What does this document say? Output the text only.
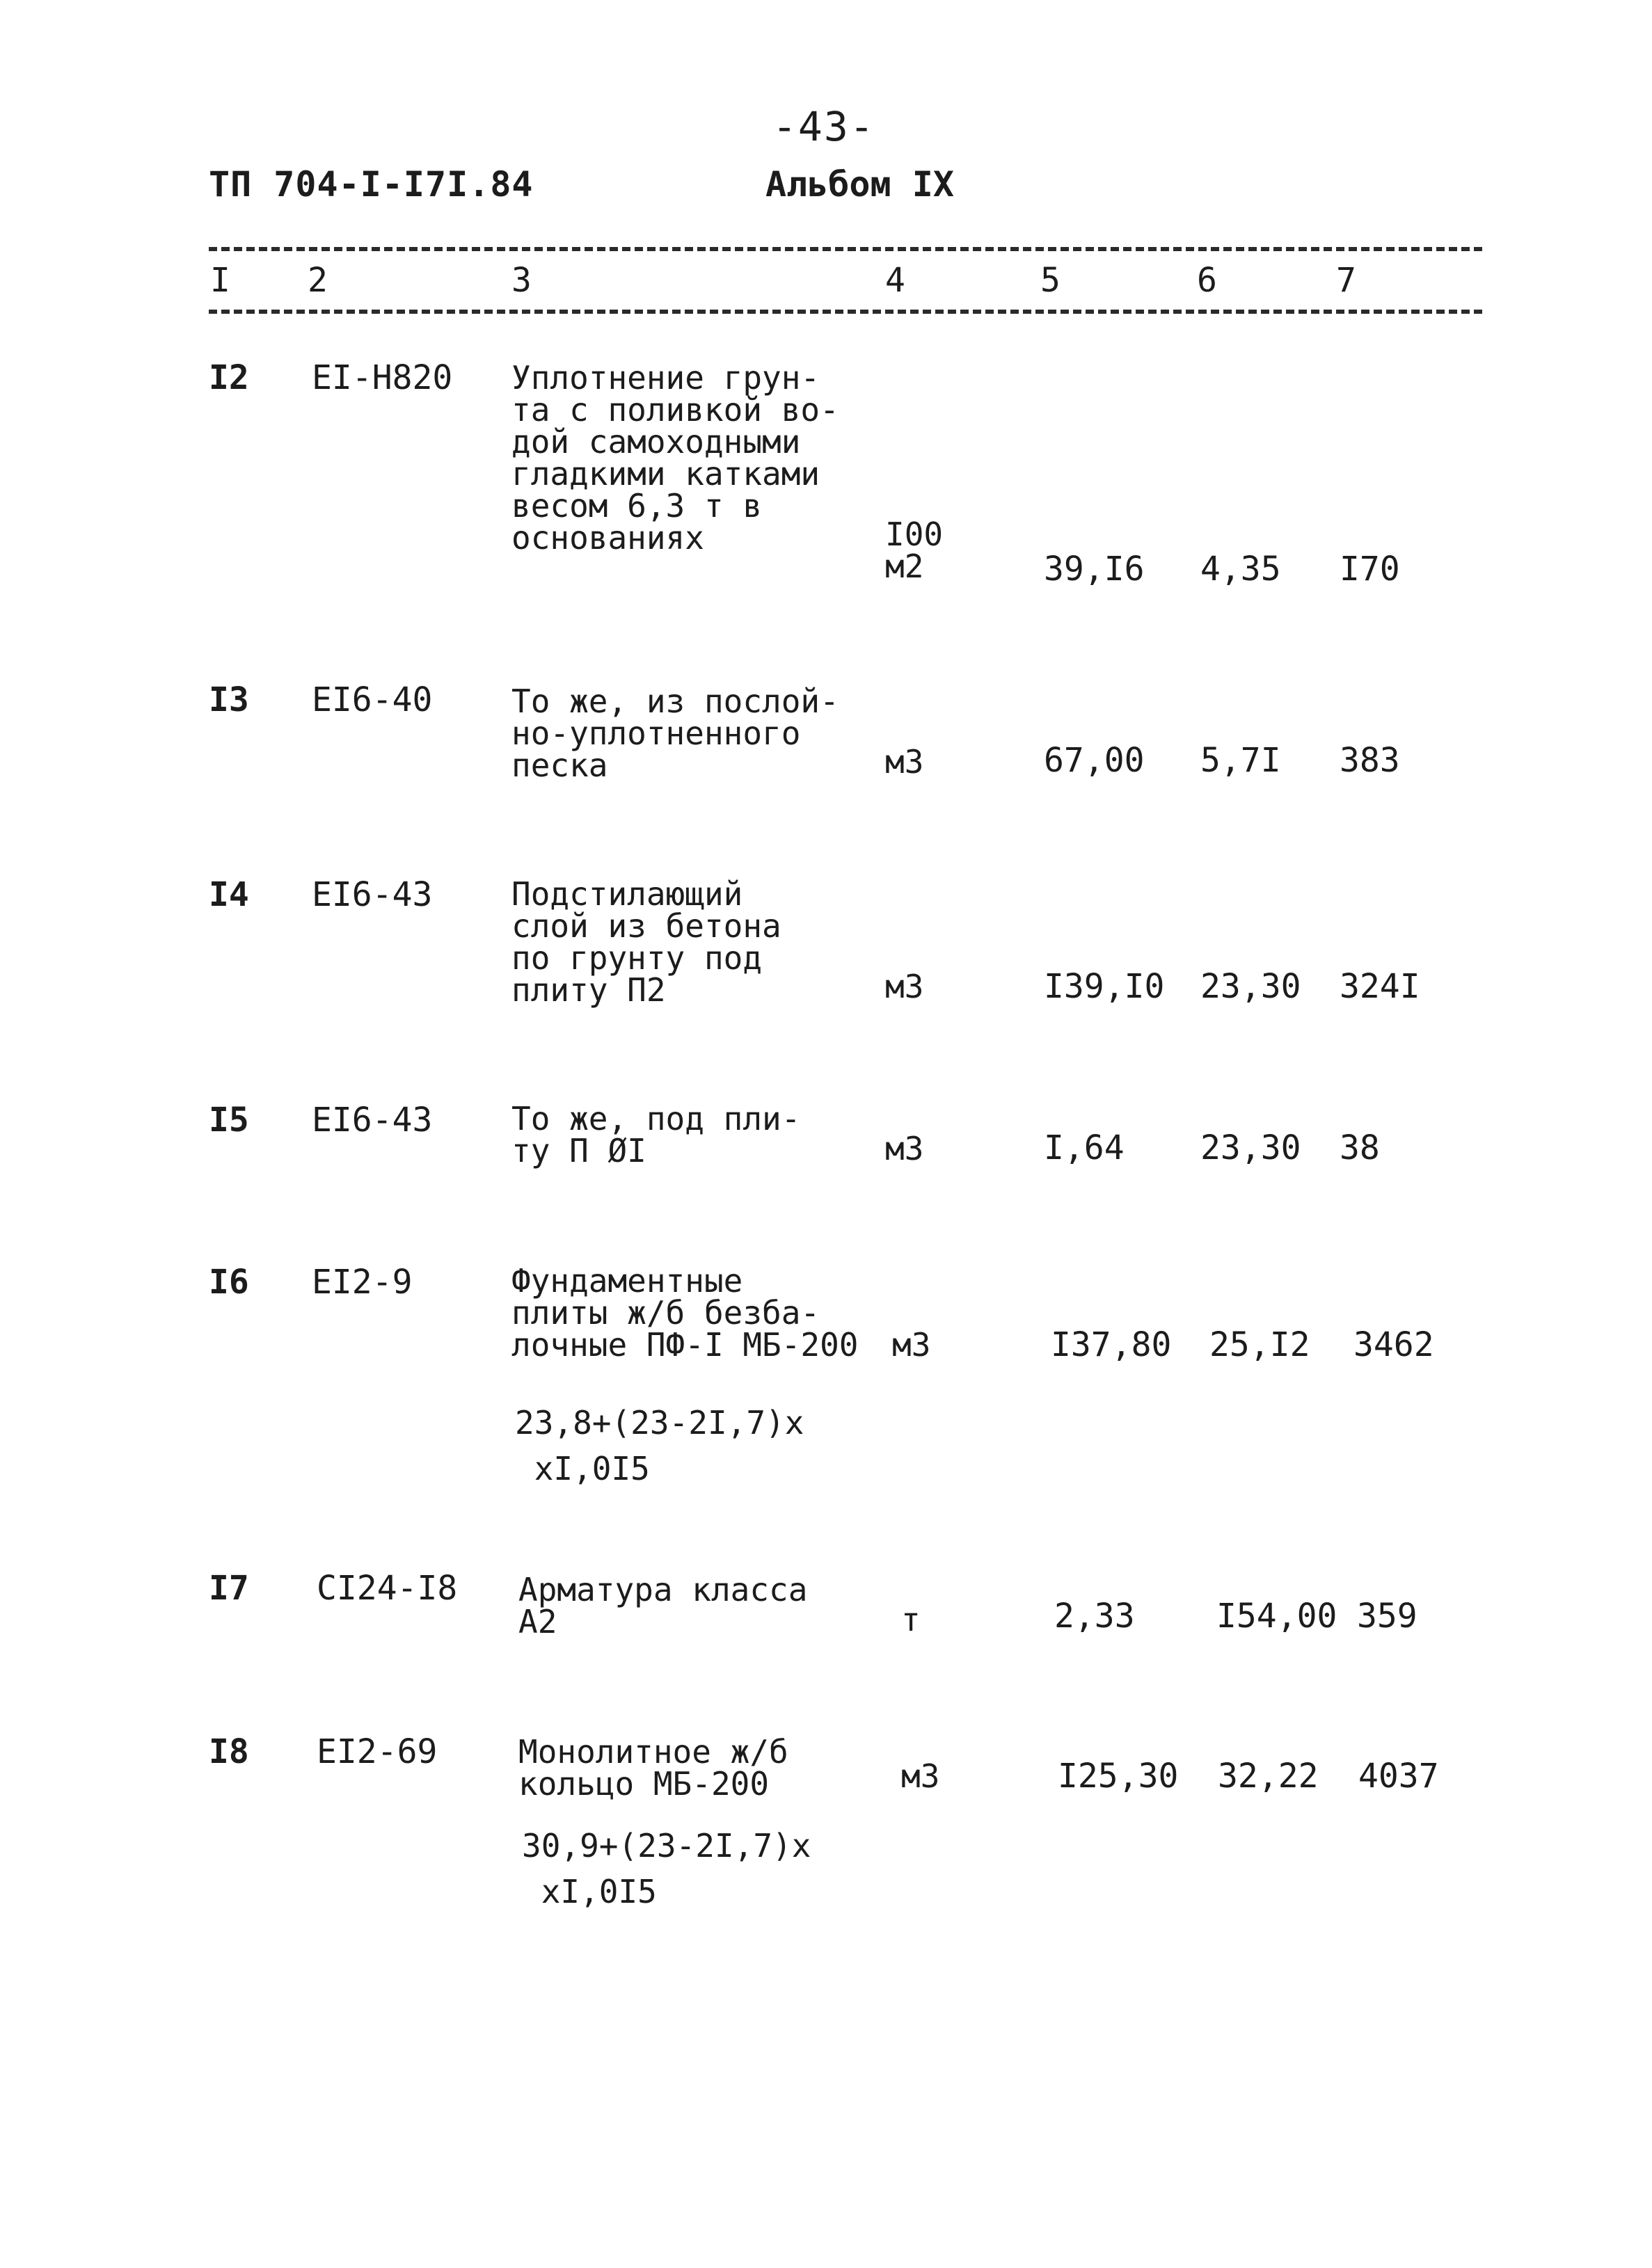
-43-
ТП 704-I-I7I.84	Альбом IX
I 2	3	4	5	6	7
I2 EI-H820 Уплотнение грун-
та с поливкой во-
дой самоходными
гладкими катками
весом 6,3 т в
основаниях	I00
м2	39,I6 4,35 I70
I3 EI6-40 То же, из послой-
но-уплотненного
песка	м3	67,00 5,7I 383
I4 EI6-43 Подстилающий
слой из бетона
по грунту под
плиту П2	м3	I39,I0 23,30 324I
I5 EI6-43 То же, под пли-
ту П ØI	м3	I,64 23,30 38
I6 EI2-9	Фундаментные
плиты ж/б безба-
лочные ПФ-I МБ-200 м3	I37,80 25,I2 3462
23,8+(23-2I,7)x
xI,0I5
I7 CI24-I8 Арматура класса
А2	т	2,33 I54,00 359
I8 EI2-69	Монолитное ж/б
кольцо МБ-200	м3	I25,30 32,22 4037
30,9+(23-2I,7)x
xI,0I5
